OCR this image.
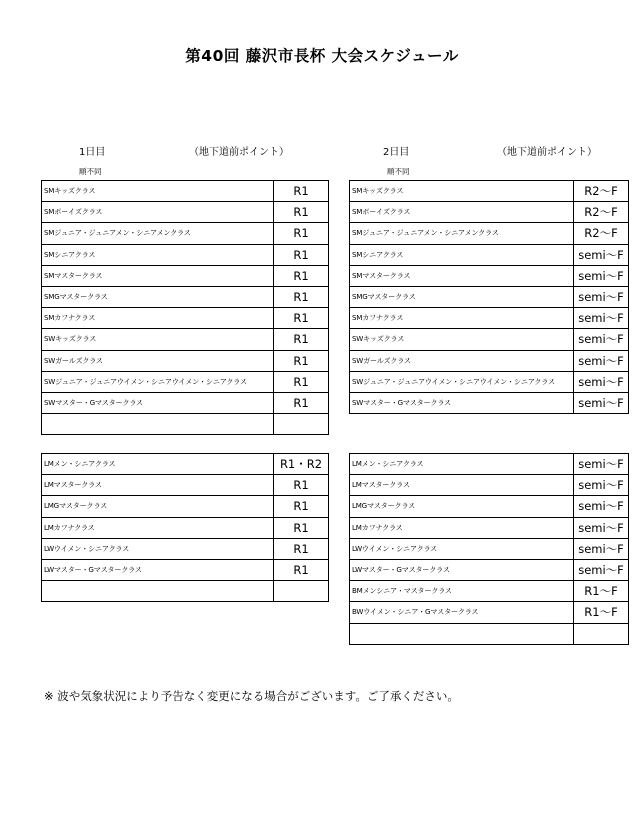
第40回 藤沢市長杯 大会スケジュール
1日目	（地下道前ポイント）
順不同
2日目	（地下道前ポイント）
順不同
SMキッズクラス	R1
SMボーイズクラス	R1
SMジュニア・ジュニアメン・シニアメンクラス	R1
SMシニアクラス	R1
SMマスタークラス	R1
SMGマスタークラス	R1
SMカフナクラス	R1
SWキッズクラス	R1
SWガールズクラス	R1
SWジュニア・ジュニアウイメン・シニアウイメン・シニアクラス	R1
SWマスター・Gマスタークラス	R1

LMメン・シニアクラス	R1・R2
LMマスタークラス	R1
LMGマスタークラス	R1
LMカフナクラス	R1
LWウイメン・シニアクラス	R1
LWマスター・Gマスタークラス	R1

SMキッズクラス	R2～F
SMボーイズクラス	R2～F
SMジュニア・ジュニアメン・シニアメンクラス	R2～F
SMシニアクラス	semi～F
SMマスタークラス	semi～F
SMGマスタークラス	semi～F
SMカフナクラス	semi～F
SWキッズクラス	semi～F
SWガールズクラス	semi～F
SWジュニア・ジュニアウイメン・シニアウイメン・シニアクラス	semi～F
SWマスター・Gマスタークラス	semi～F
LMメン・シニアクラス	semi～F
LMマスタークラス	semi～F
LMGマスタークラス	semi～F
LMカフナクラス	semi～F
LWウイメン・シニアクラス	semi～F
LWマスター・Gマスタークラス	semi～F
BMメンシニア・マスタークラス	R1～F
BWウイメン・シニア・Gマスタークラス	R1～F

※ 波や気象状況により予告なく変更になる場合がございます。ご了承ください。
